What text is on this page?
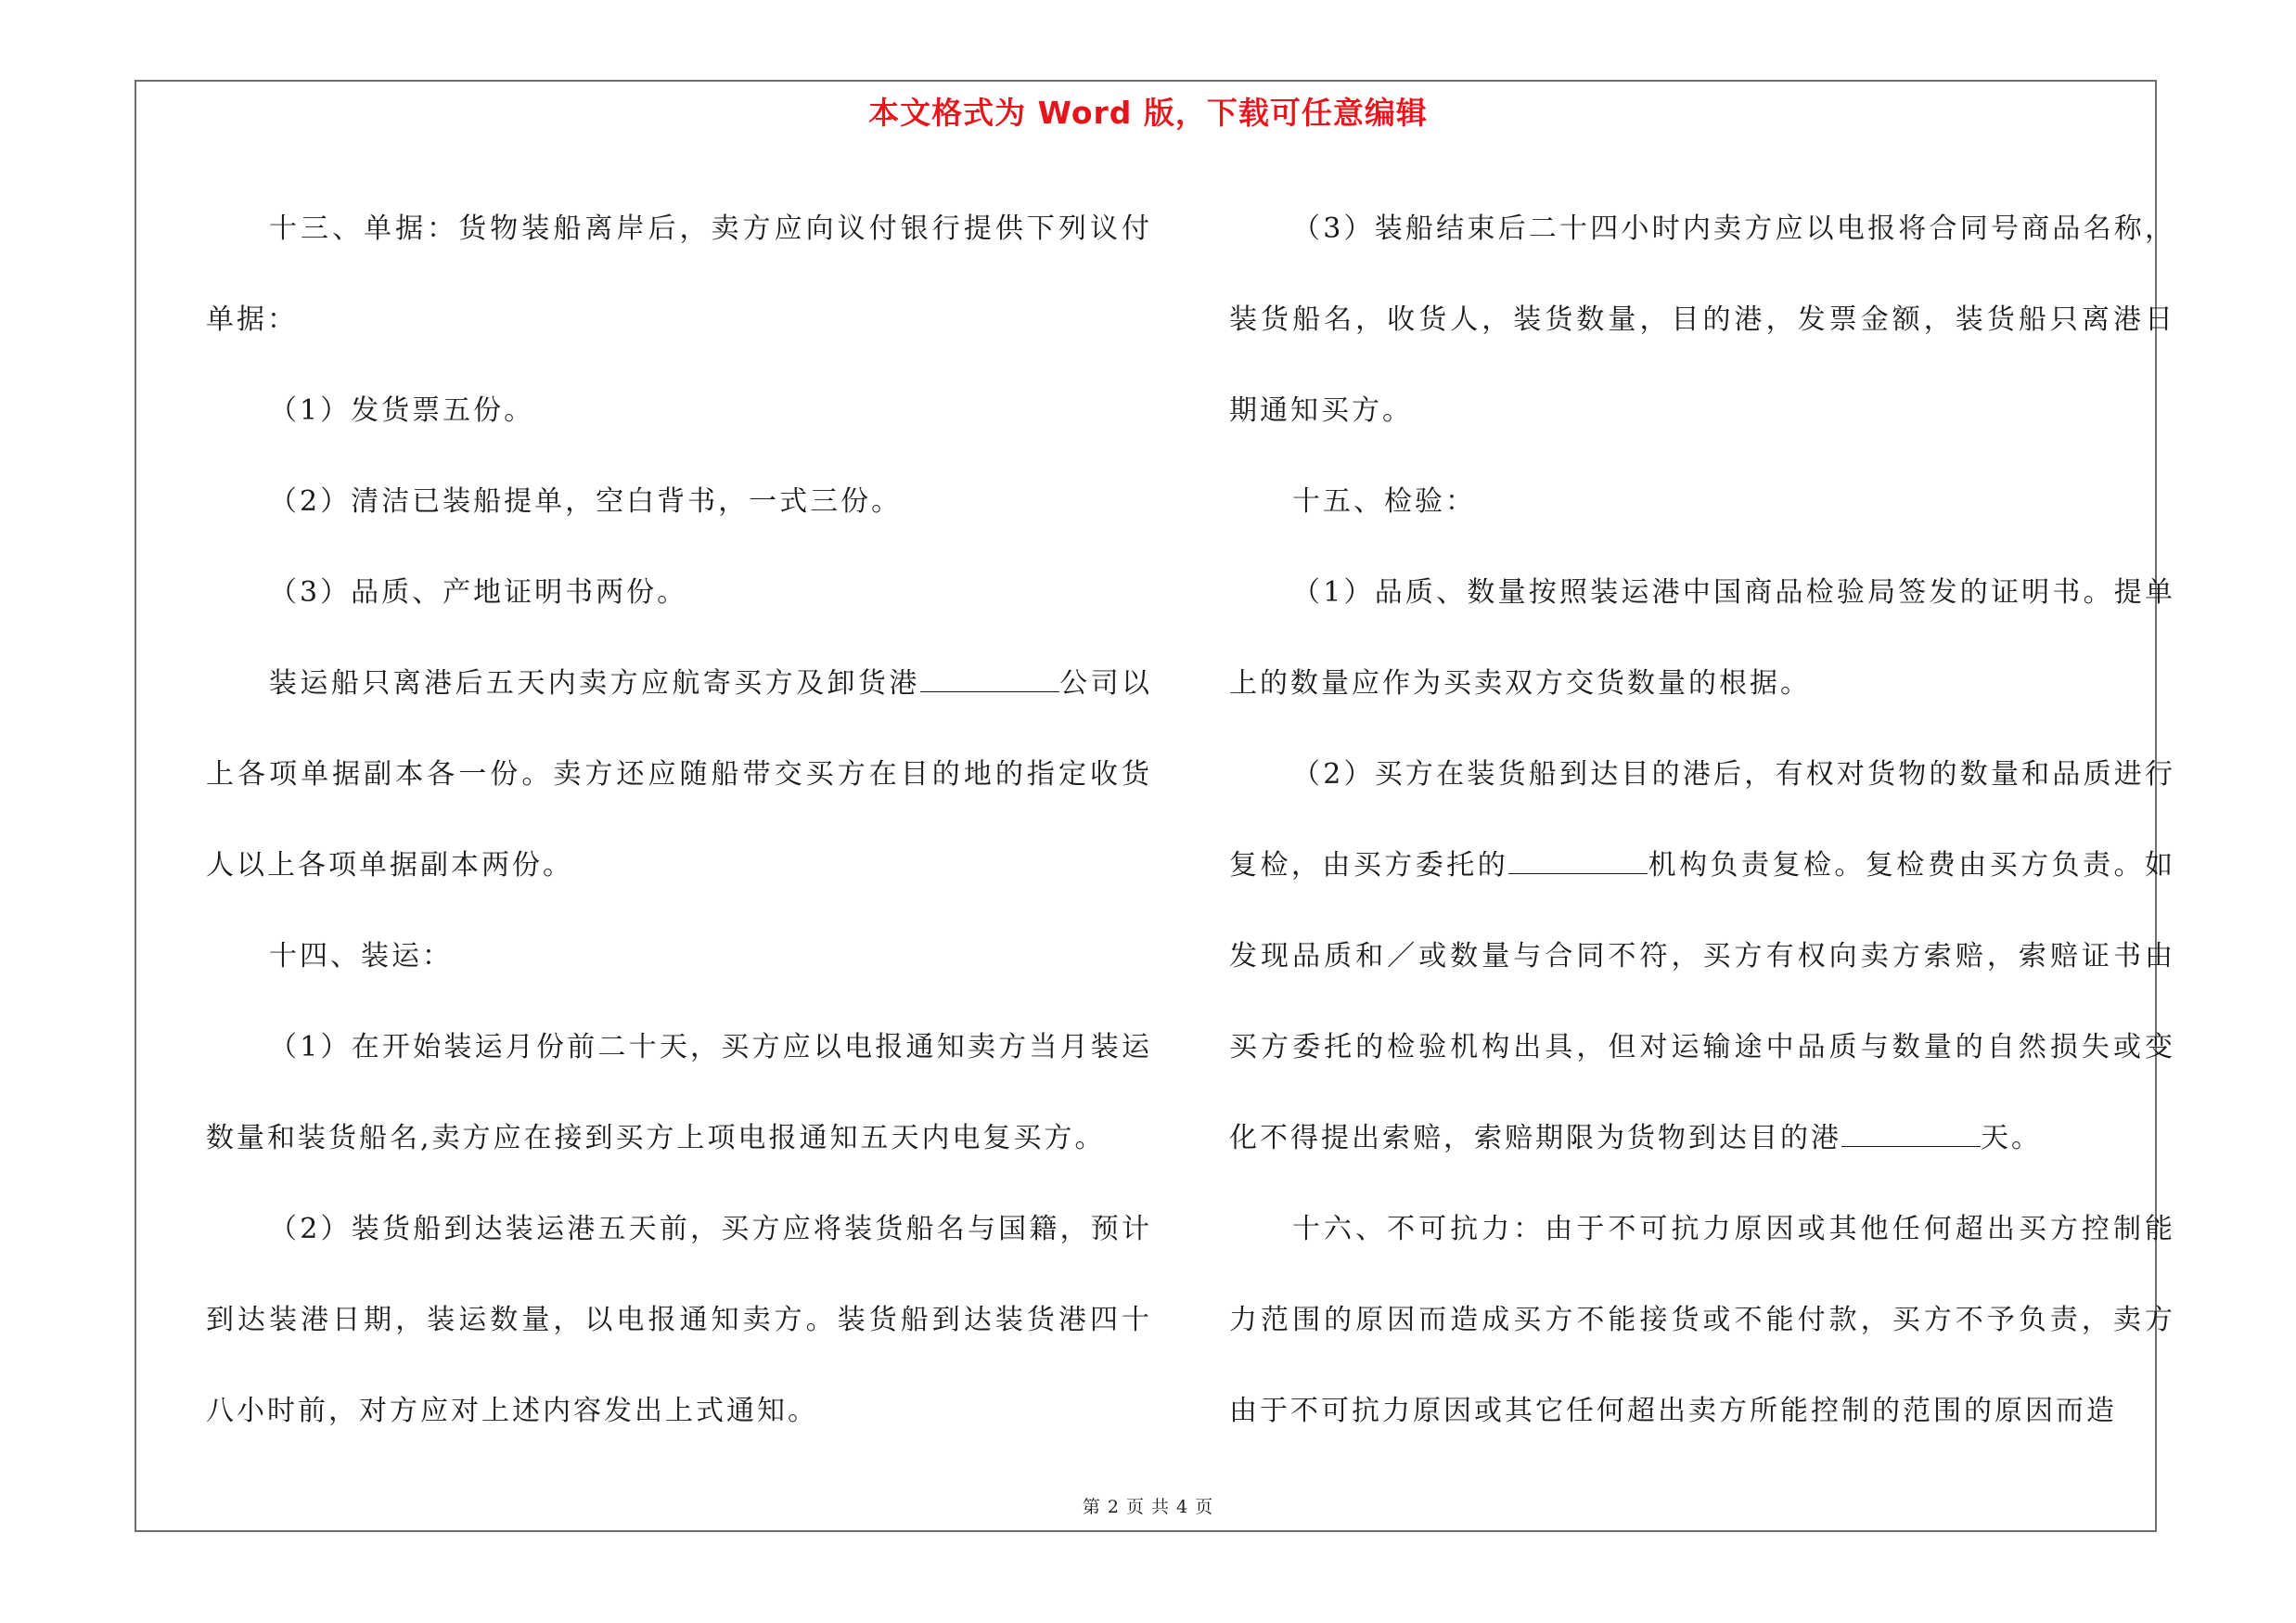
本文格式为 Word 版，下载可任意编辑

十三、单据：货物装船离岸后，卖方应向议付银行提供下列议付单据：

（1）发货票五份。

（2）清洁已装船提单，空白背书，一式三份。

（3）品质、产地证明书两份。

装运船只离港后五天内卖方应航寄买方及卸货港	公司以上各项单据副本各一份。卖方还应随船带交买方在目的地的指定收货人以上各项单据副本两份。

十四、装运：

（1）在开始装运月份前二十天，买方应以电报通知卖方当月装运数量和装货船名,卖方应在接到买方上项电报通知五天内电复买方。

（2）装货船到达装运港五天前，买方应将装货船名与国籍，预计到达装港日期，装运数量，以电报通知卖方。装货船到达装货港四十八小时前，对方应对上述内容发出上式通知。

（3）装船结束后二十四小时内卖方应以电报将合同号商品名称，装货船名，收货人，装货数量，目的港，发票金额，装货船只离港日期通知买方。

十五、检验：

（1）品质、数量按照装运港中国商品检验局签发的证明书。提单上的数量应作为买卖双方交货数量的根据。

（2）买方在装货船到达目的港后，有权对货物的数量和品质进行复检，由买方委托的	机构负责复检。复检费由买方负责。如发现品质和／或数量与合同不符，买方有权向卖方索赔，索赔证书由买方委托的检验机构出具，但对运输途中品质与数量的自然损失或变化不得提出索赔，索赔期限为货物到达目的港	天。

十六、不可抗力：由于不可抗力原因或其他任何超出买方控制能力范围的原因而造成买方不能接货或不能付款，买方不予负责，卖方由于不可抗力原因或其它任何超出卖方所能控制的范围的原因而造

第 2 页 共 4 页
